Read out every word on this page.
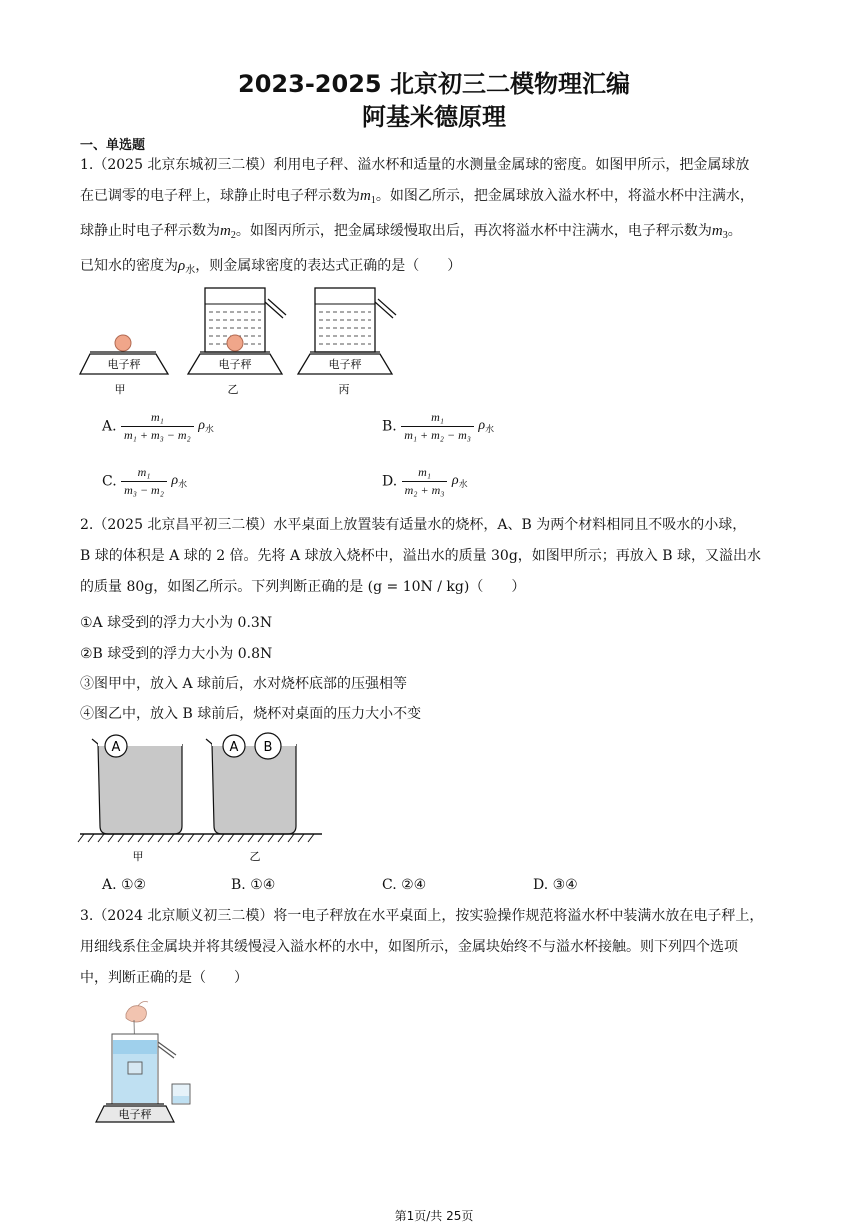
2023-2025 北京初三二模物理汇编
阿基米德原理
一、单选题
1.（2025 北京东城初三二模）利用电子秤、溢水杯和适量的水测量金属球的密度。如图甲所示，把金属球放
在已调零的电子秤上，球静止时电子秤示数为$m_1$。如图乙所示，把金属球放入溢水杯中，将溢水杯中注满水，
球静止时电子秤示数为$m_2$。如图丙所示，把金属球缓慢取出后，再次将溢水杯中注满水，电子秤示数为$m_3$。
已知水的密度为$\rho_水$，则金属球密度的表达式正确的是（　　）
电子秤	电子秤	电子秤
甲	乙	丙
A. $\frac{\text{m₁}}{\text{m₁ + m₃ − m₂}} \rho_水$	B. $\frac{\text{m₁}}{\text{m₁ + m₂ − m₃}} \rho_水$
C. $\frac{\text{m₁}}{\text{m₃ − m₂}} \rho_水$	D. $\frac{\text{m₁}}{\text{m₂ + m₃}} \rho_水$
2.（2025 北京昌平初三二模）水平桌面上放置装有适量水的烧杯，A、B 为两个材料相同且不吸水的小球，
B 球的体积是 A 球的 2 倍。先将 A 球放入烧杯中，溢出水的质量 30g，如图甲所示；再放入 B 球，又溢出水
的质量 80g，如图乙所示。下列判断正确的是 (g = 10N / kg)（　　）
①A 球受到的浮力大小为 0.3N
②B 球受到的浮力大小为 0.8N
③图甲中，放入 A 球前后，水对烧杯底部的压强相等
④图乙中，放入 B 球前后，烧杯对桌面的压力大小不变
A	A B
甲	乙
A. ①②	B. ①④	C. ②④	D. ③④
3.（2024 北京顺义初三二模）将一电子秤放在水平桌面上，按实验操作规范将溢水杯中装满水放在电子秤上，
用细线系住金属块并将其缓慢浸入溢水杯的水中，如图所示，金属块始终不与溢水杯接触。则下列四个选项
中，判断正确的是（　　）
电子秤
第1页/共 25页
